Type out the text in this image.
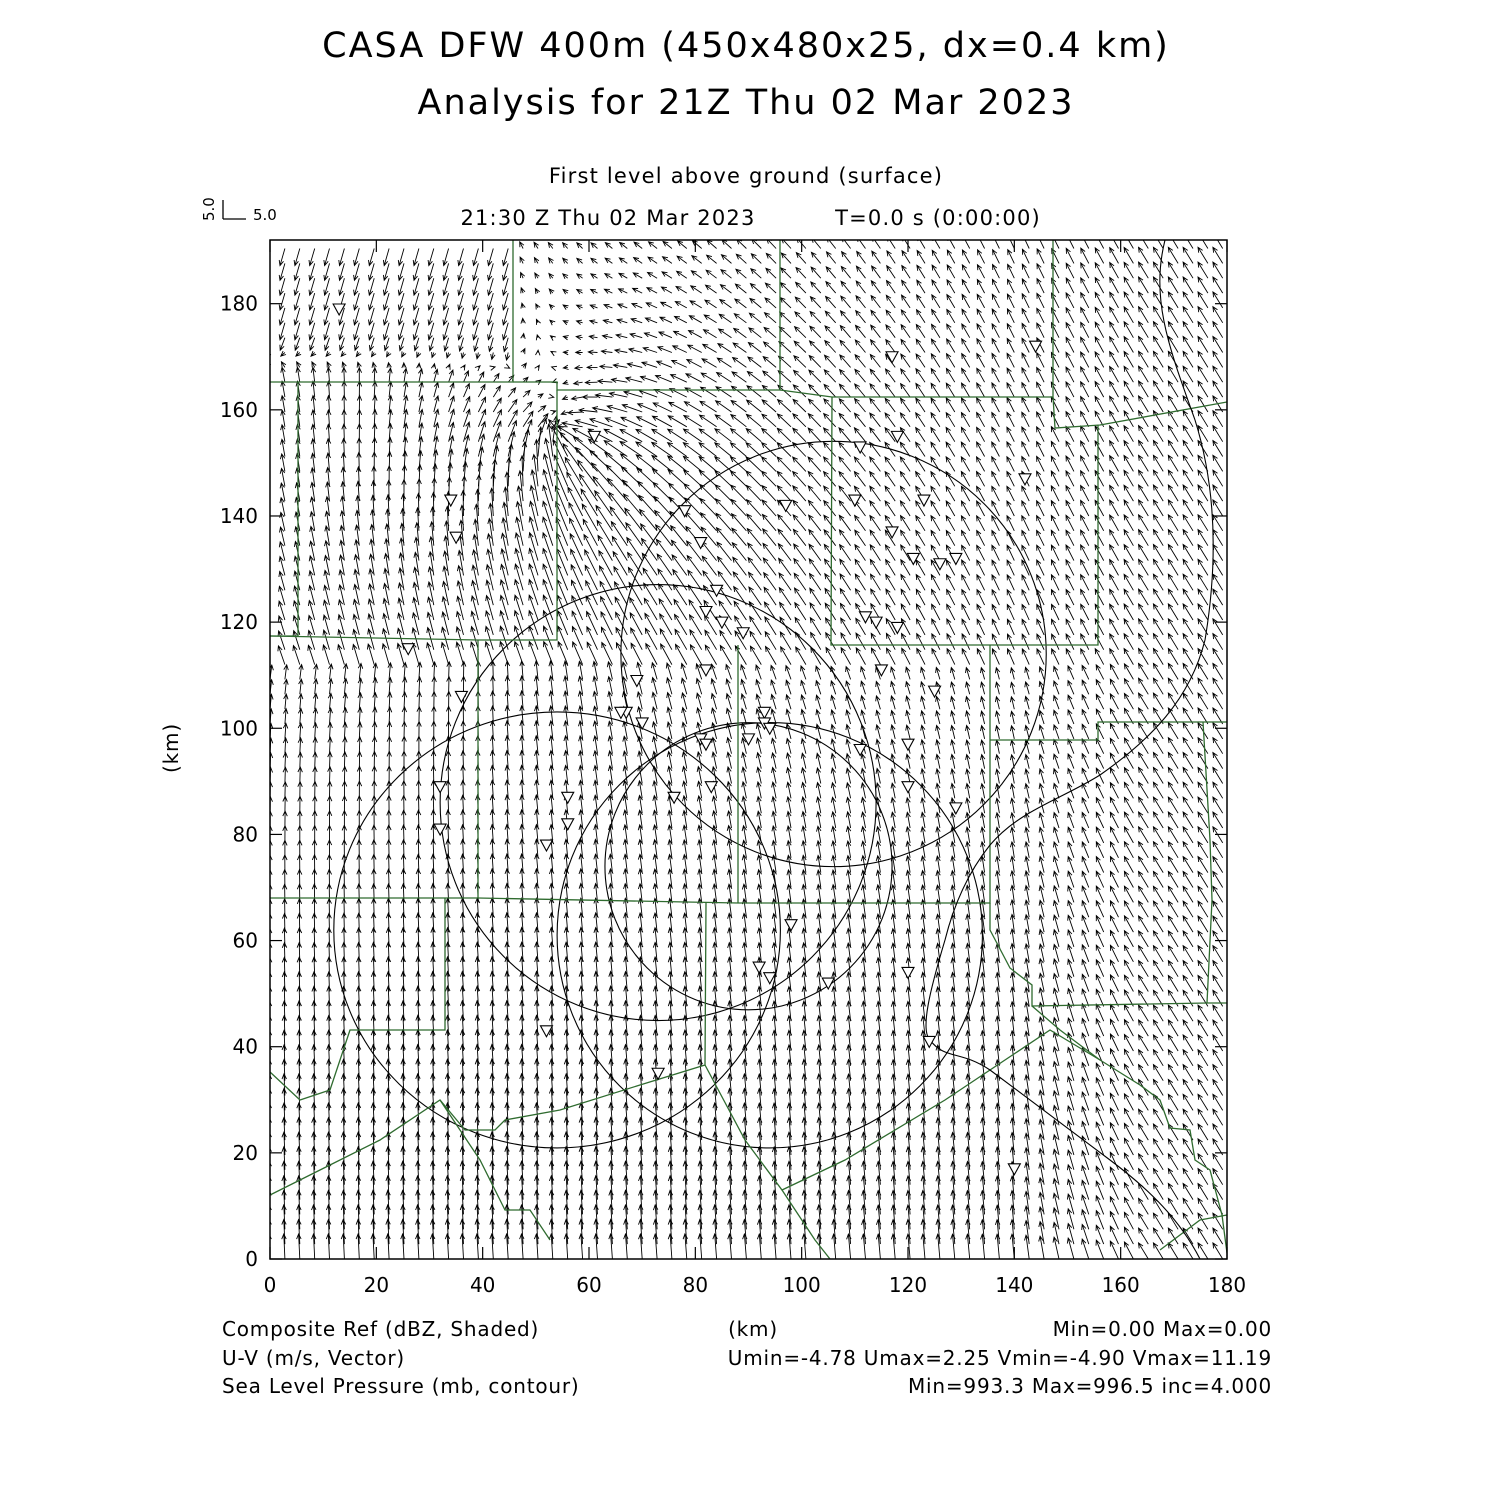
CASA DFW 400m (450x480x25, dx=0.4 km)
Analysis for 21Z Thu 02 Mar 2023
First level above ground (surface)
21:30 Z Thu 02 Mar 2023	T=0.0 s (0:00:00)
5.0 5.0
0	20	40	60	80	100	120	140	160	180
0
20
40
60
80
100
120
140
160
180
(km)
(km)
Composite Ref (dBZ, Shaded)	Min=0.00 Max=0.00
U-V (m/s, Vector)	Umin=-4.78 Umax=2.25 Vmin=-4.90 Vmax=11.19
Sea Level Pressure (mb, contour)	Min=993.3 Max=996.5 inc=4.000
